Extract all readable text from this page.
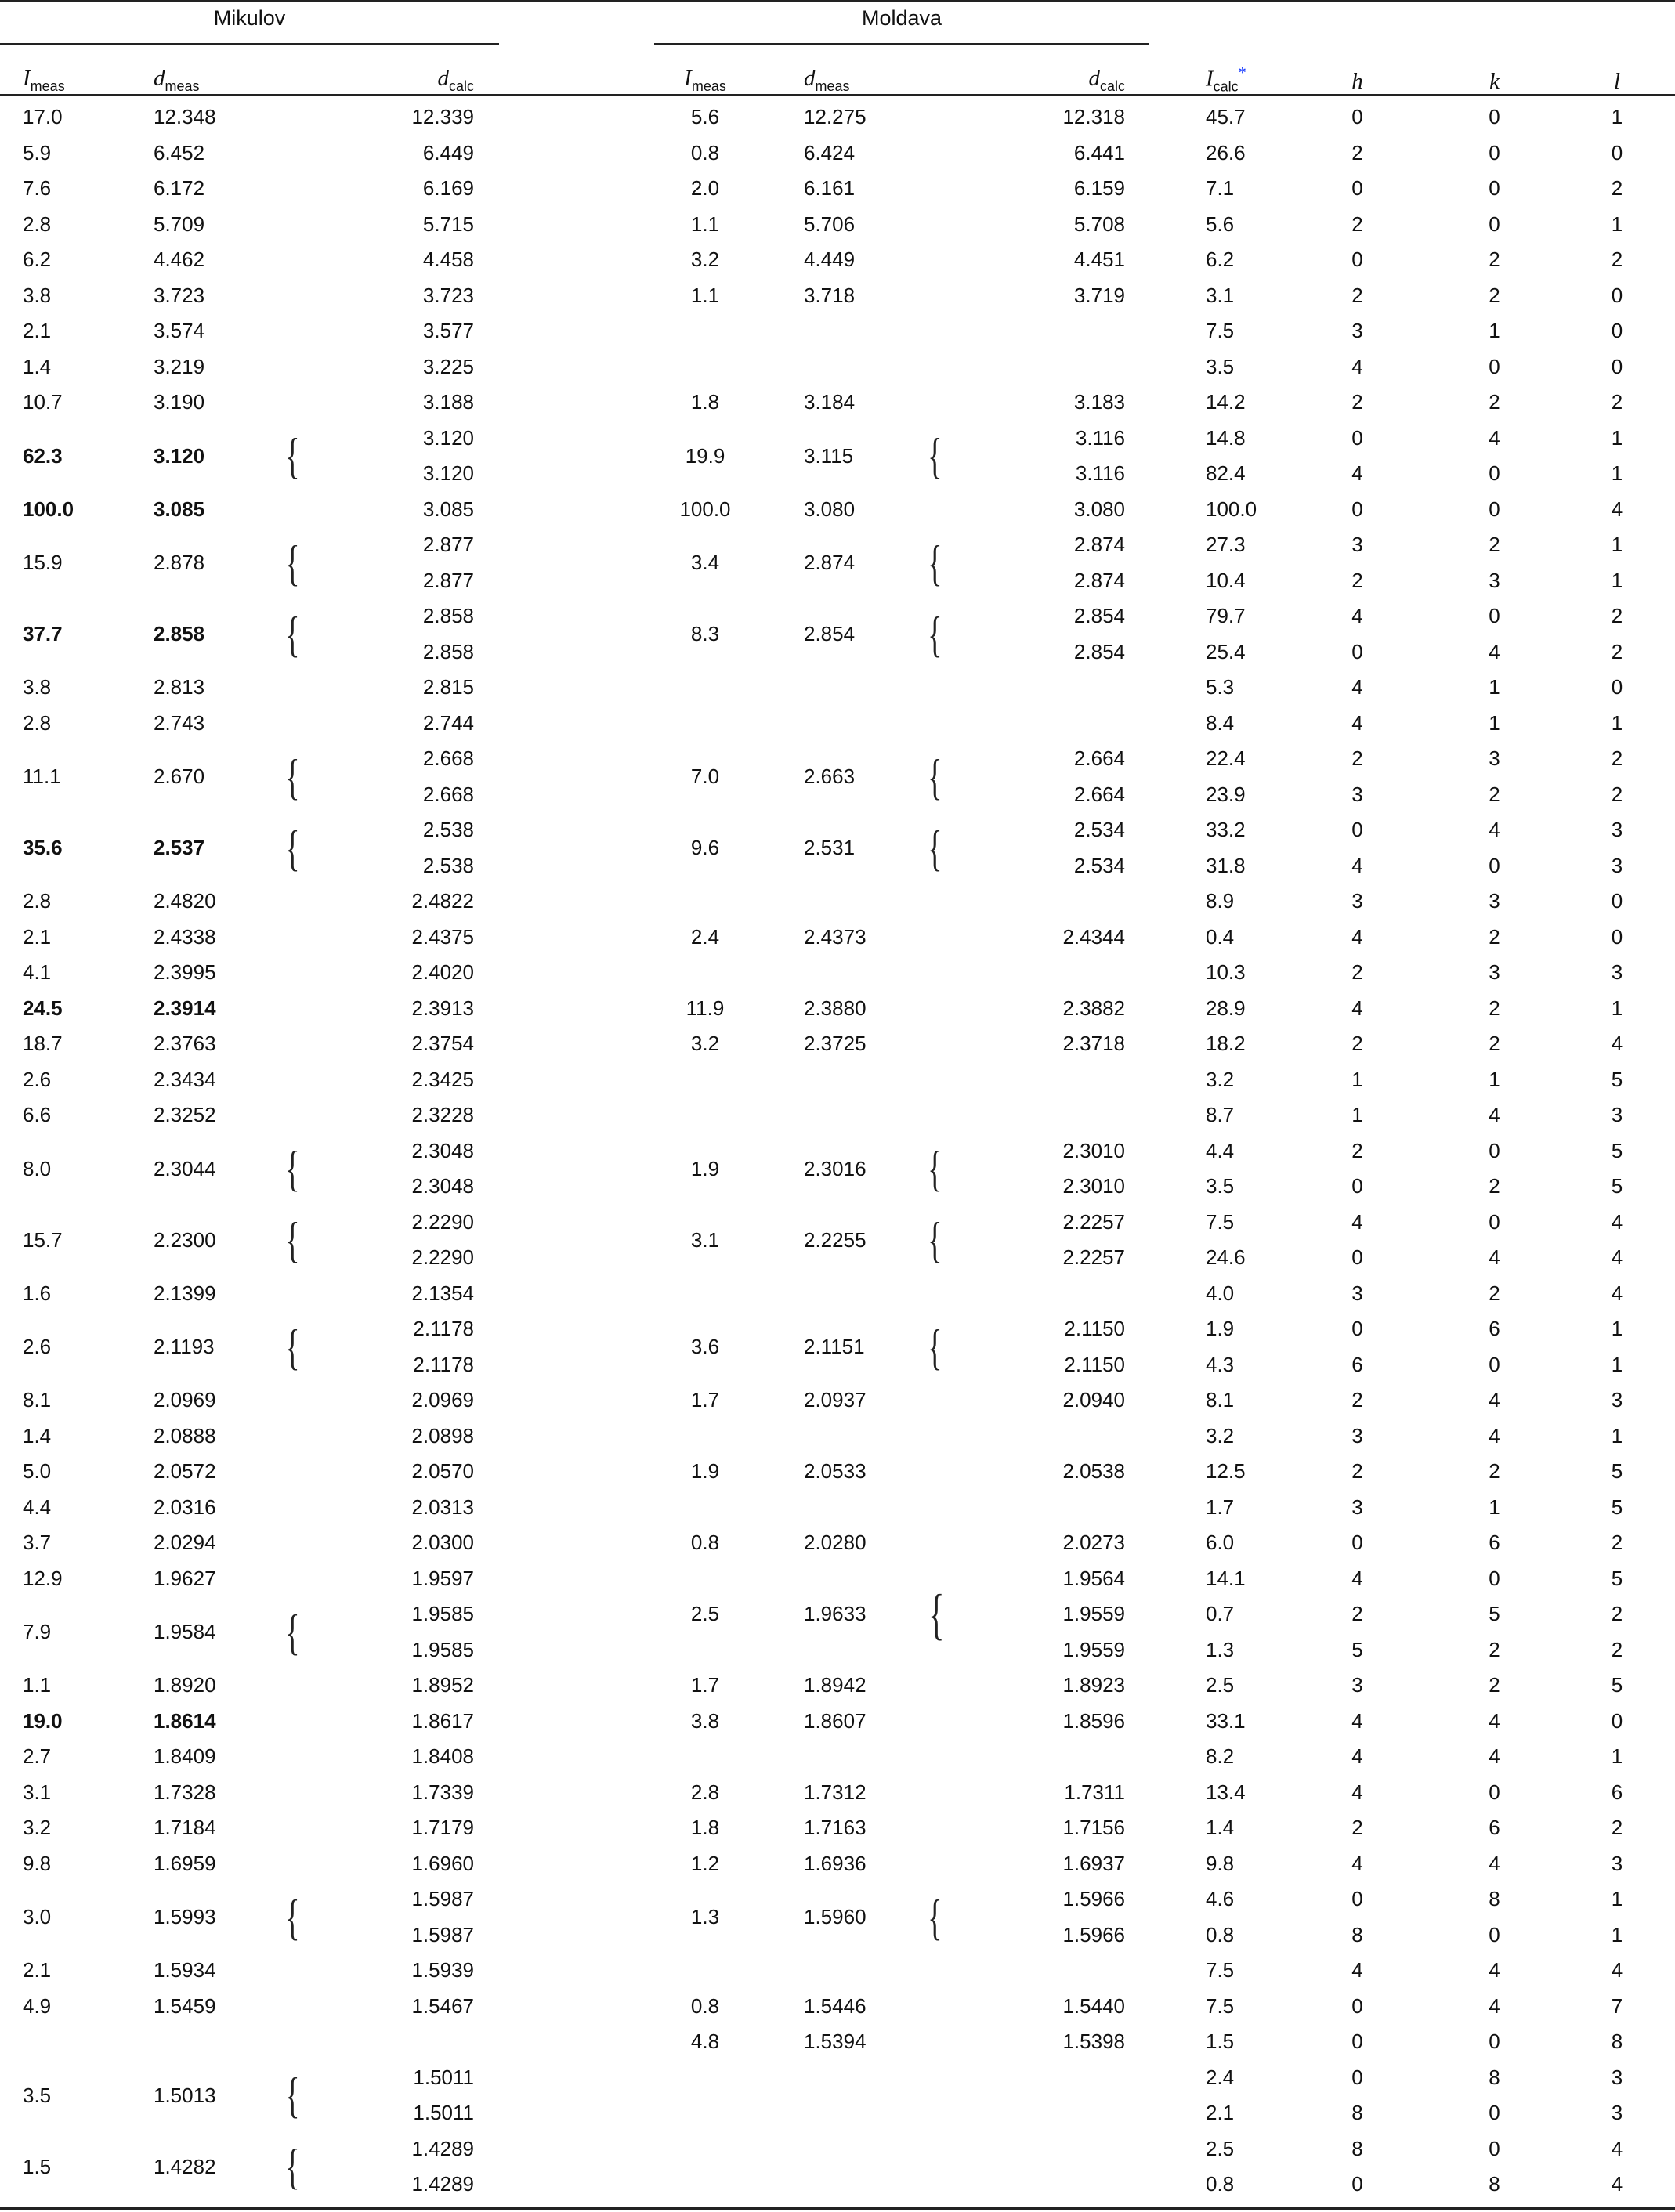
Mikulov	Moldava
$I_{meas}$	$d_{meas}$		$d_{calc}$		$I_{meas}$	$d_{meas}$		$d_{calc}$	$I_{calc}^*$	h	k	l
17.0	12.348		12.339		5.6	12.275		12.318	45.7	0	0	1
5.9	6.452		6.449		0.8	6.424		6.441	26.6	2	0	0
7.6	6.172		6.169		2.0	6.161		6.159	7.1	0	0	2
2.8	5.709		5.715		1.1	5.706		5.708	5.6	2	0	1
6.2	4.462		4.458		3.2	4.449		4.451	6.2	0	2	2
3.8	3.723		3.723		1.1	3.718		3.719	3.1	2	2	0
2.1	3.574		3.577						7.5	3	1	0
1.4	3.219		3.225						3.5	4	0	0
10.7	3.190		3.188		1.8	3.184		3.183	14.2	2	2	2
62.3	3.120	{	3.120		19.9	3.115	{	3.116	14.8	0	4	1
			3.120					3.116	82.4	4	0	1
100.0	3.085		3.085		100.0	3.080		3.080	100.0	0	0	4
15.9	2.878	{	2.877		3.4	2.874	{	2.874	27.3	3	2	1
			2.877					2.874	10.4	2	3	1
37.7	2.858	{	2.858		8.3	2.854	{	2.854	79.7	4	0	2
			2.858					2.854	25.4	0	4	2
3.8	2.813		2.815						5.3	4	1	0
2.8	2.743		2.744						8.4	4	1	1
11.1	2.670	{	2.668		7.0	2.663	{	2.664	22.4	2	3	2
			2.668					2.664	23.9	3	2	2
35.6	2.537	{	2.538		9.6	2.531	{	2.534	33.2	0	4	3
			2.538					2.534	31.8	4	0	3
2.8	2.4820		2.4822						8.9	3	3	0
2.1	2.4338		2.4375		2.4	2.4373		2.4344	0.4	4	2	0
4.1	2.3995		2.4020						10.3	2	3	3
24.5	2.3914		2.3913		11.9	2.3880		2.3882	28.9	4	2	1
18.7	2.3763		2.3754		3.2	2.3725		2.3718	18.2	2	2	4
2.6	2.3434		2.3425						3.2	1	1	5
6.6	2.3252		2.3228						8.7	1	4	3
8.0	2.3044	{	2.3048		1.9	2.3016	{	2.3010	4.4	2	0	5
			2.3048					2.3010	3.5	0	2	5
15.7	2.2300	{	2.2290		3.1	2.2255	{	2.2257	7.5	4	0	4
			2.2290					2.2257	24.6	0	4	4
1.6	2.1399		2.1354						4.0	3	2	4
2.6	2.1193	{	2.1178		3.6	2.1151	{	2.1150	1.9	0	6	1
			2.1178					2.1150	4.3	6	0	1
8.1	2.0969		2.0969		1.7	2.0937		2.0940	8.1	2	4	3
1.4	2.0888		2.0898						3.2	3	4	1
5.0	2.0572		2.0570		1.9	2.0533		2.0538	12.5	2	2	5
4.4	2.0316		2.0313						1.7	3	1	5
3.7	2.0294		2.0300		0.8	2.0280		2.0273	6.0	0	6	2
12.9	1.9627		1.9597		2.5	1.9633	{	1.9564	14.1	4	0	5
7.9	1.9584	{	1.9585					1.9559	0.7	2	5	2
			1.9585					1.9559	1.3	5	2	2
1.1	1.8920		1.8952		1.7	1.8942		1.8923	2.5	3	2	5
19.0	1.8614		1.8617		3.8	1.8607		1.8596	33.1	4	4	0
2.7	1.8409		1.8408						8.2	4	4	1
3.1	1.7328		1.7339		2.8	1.7312		1.7311	13.4	4	0	6
3.2	1.7184		1.7179		1.8	1.7163		1.7156	1.4	2	6	2
9.8	1.6959		1.6960		1.2	1.6936		1.6937	9.8	4	4	3
3.0	1.5993	{	1.5987		1.3	1.5960	{	1.5966	4.6	0	8	1
			1.5987					1.5966	0.8	8	0	1
2.1	1.5934		1.5939						7.5	4	4	4
4.9	1.5459		1.5467		0.8	1.5446		1.5440	7.5	0	4	7
					4.8	1.5394		1.5398	1.5	0	0	8
3.5	1.5013	{	1.5011						2.4	0	8	3
			1.5011						2.1	8	0	3
1.5	1.4282	{	1.4289						2.5	8	0	4
			1.4289						0.8	0	8	4
